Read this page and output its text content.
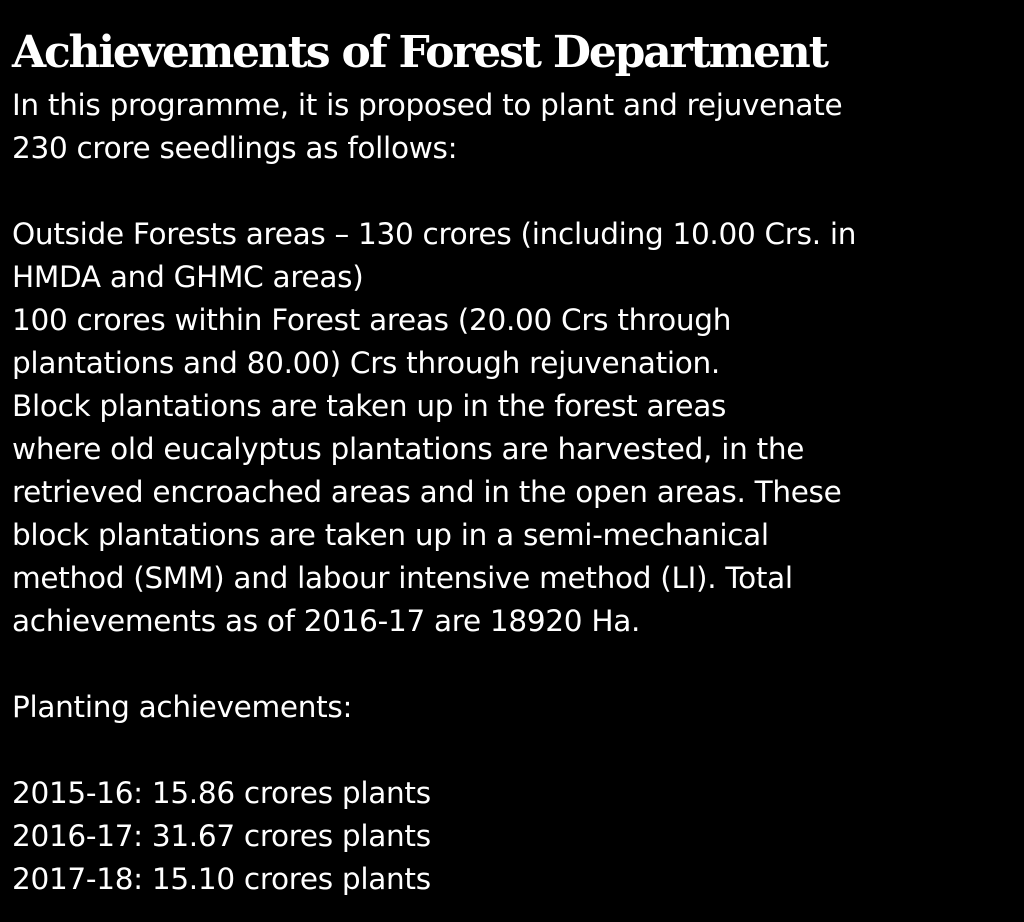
Achievements of Forest Department

In this programme, it is proposed to plant and rejuvenate
230 crore seedlings as follows:

Outside Forests areas – 130 crores (including 10.00 Crs. in
HMDA and GHMC areas)
100 crores within Forest areas (20.00 Crs through
plantations and 80.00) Crs through rejuvenation.
Block plantations are taken up in the forest areas
where old eucalyptus plantations are harvested, in the
retrieved encroached areas and in the open areas. These
block plantations are taken up in a semi-mechanical
method (SMM) and labour intensive method (LI). Total
achievements as of 2016-17 are 18920 Ha.

Planting achievements:

2015-16: 15.86 crores plants
2016-17: 31.67 crores plants
2017-18: 15.10 crores plants
